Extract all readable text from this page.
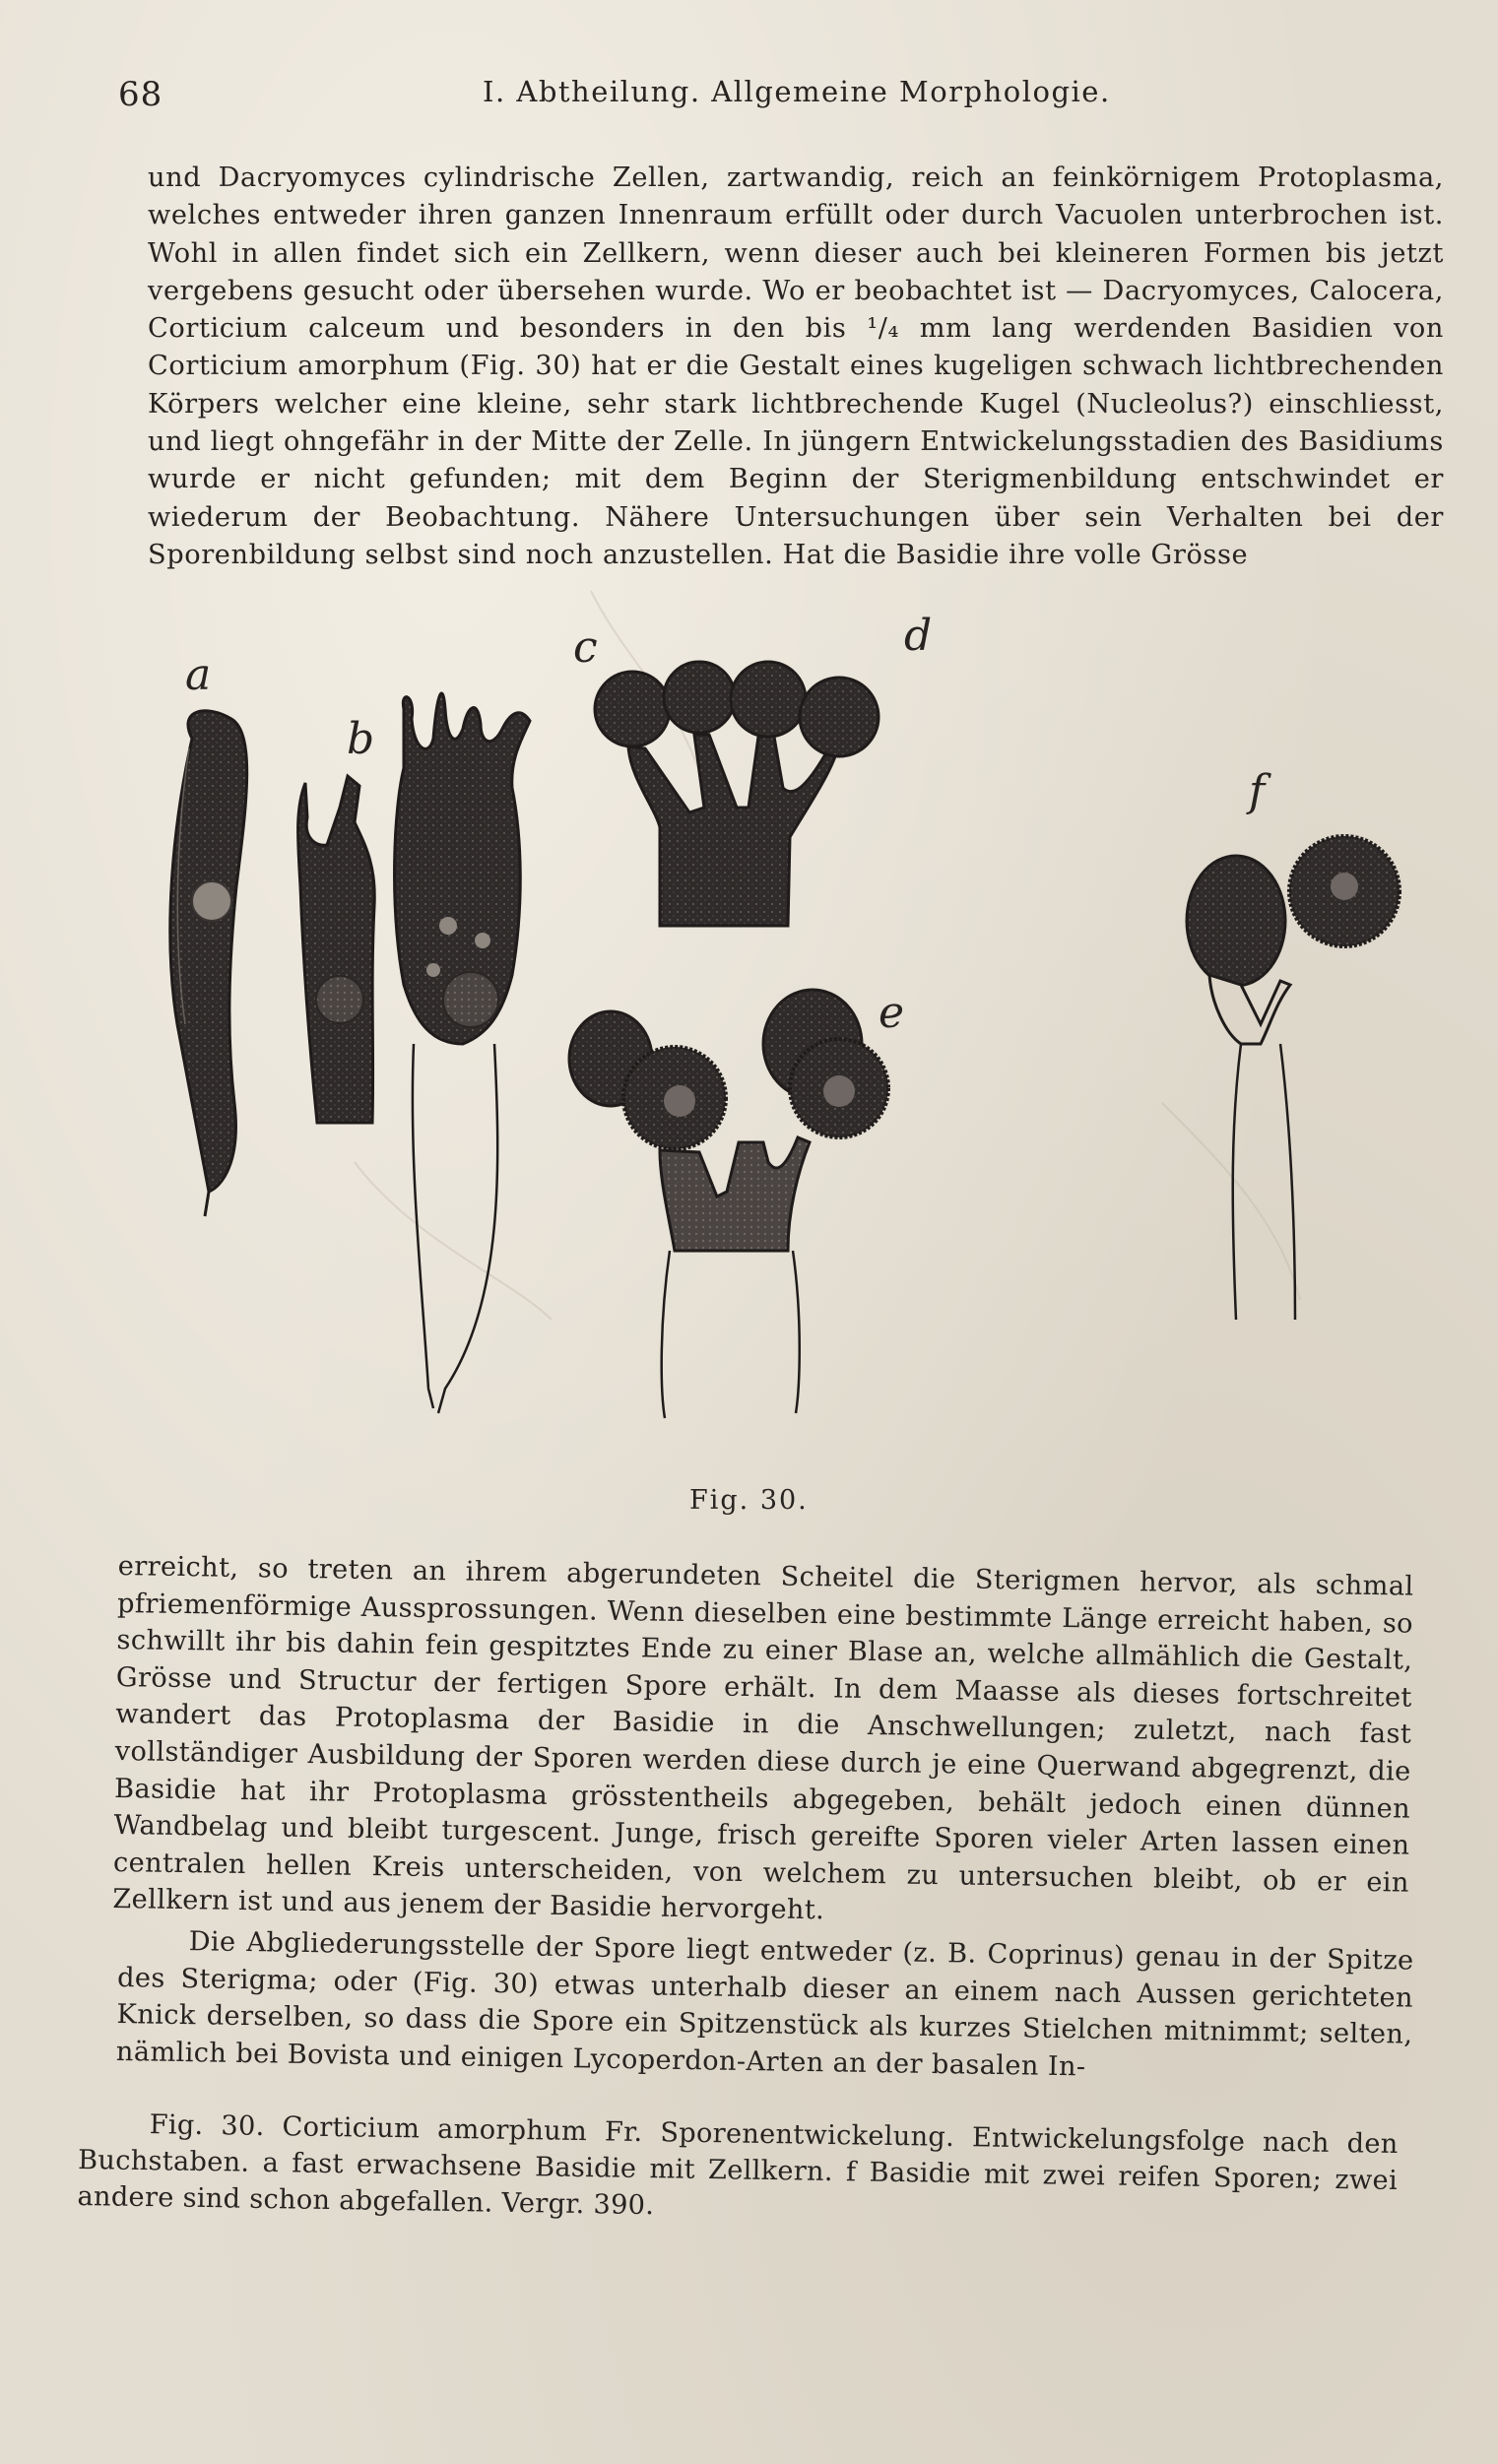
68	I. Abtheilung. Allgemeine Morphologie.
und Dacryomyces cylindrische Zellen, zartwandig, reich an feinkörnigem Protoplasma, welches entweder ihren ganzen Innenraum erfüllt oder durch Vacuolen unterbrochen ist. Wohl in allen findet sich ein Zellkern, wenn dieser auch bei kleineren Formen bis jetzt vergebens gesucht oder übersehen wurde. Wo er beobachtet ist — Dacryomyces, Calocera, Corticium calceum und besonders in den bis ¹/₄ mm lang werdenden Basidien von Corticium amorphum (Fig. 30) hat er die Gestalt eines kugeligen schwach lichtbrechenden Körpers welcher eine kleine, sehr stark lichtbrechende Kugel (Nucleolus?) einschliesst, und liegt ohngefähr in der Mitte der Zelle. In jüngern Entwickelungsstadien des Basidiums wurde er nicht gefunden; mit dem Beginn der Sterigmenbildung entschwindet er wiederum der Beobachtung. Nähere Untersuchungen über sein Verhalten bei der Sporenbildung selbst sind noch anzustellen. Hat die Basidie ihre volle Grösse
a
b
c	d
e
f
Fig. 30.
erreicht, so treten an ihrem abgerundeten Scheitel die Sterigmen hervor, als schmal pfriemenförmige Aussprossungen. Wenn dieselben eine bestimmte Länge erreicht haben, so schwillt ihr bis dahin fein gespitztes Ende zu einer Blase an, welche allmählich die Gestalt, Grösse und Structur der fertigen Spore erhält. In dem Maasse als dieses fortschreitet wandert das Protoplasma der Basidie in die Anschwellungen; zuletzt, nach fast vollständiger Ausbildung der Sporen werden diese durch je eine Querwand abgegrenzt, die Basidie hat ihr Protoplasma grösstentheils abgegeben, behält jedoch einen dünnen Wandbelag und bleibt turgescent. Junge, frisch gereifte Sporen vieler Arten lassen einen centralen hellen Kreis unterscheiden, von welchem zu untersuchen bleibt, ob er ein Zellkern ist und aus jenem der Basidie hervorgeht.
Die Abgliederungsstelle der Spore liegt entweder (z. B. Coprinus) genau in der Spitze des Sterigma; oder (Fig. 30) etwas unterhalb dieser an einem nach Aussen gerichteten Knick derselben, so dass die Spore ein Spitzenstück als kurzes Stielchen mitnimmt; selten, nämlich bei Bovista und einigen Lycoperdon-Arten an der basalen In-
Fig. 30. Corticium amorphum Fr. Sporenentwickelung. Entwickelungsfolge nach den Buchstaben. a fast erwachsene Basidie mit Zellkern. f Basidie mit zwei reifen Sporen; zwei andere sind schon abgefallen. Vergr. 390.
